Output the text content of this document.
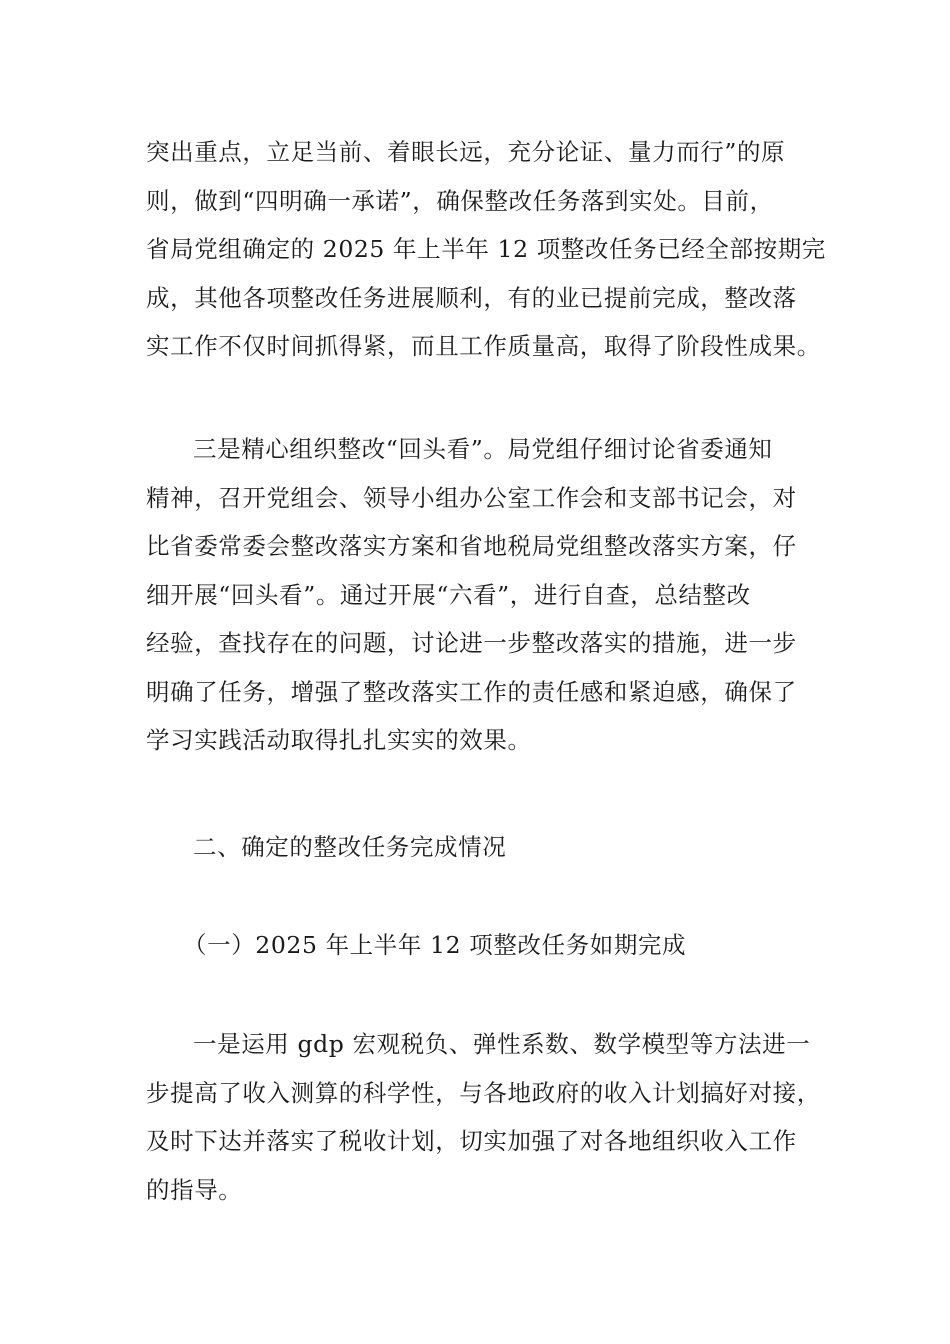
突出重点，立足当前、着眼长远，充分论证、量力而行”的原
则，做到“四明确一承诺”，确保整改任务落到实处。目前，
省局党组确定的 2025 年上半年 12 项整改任务已经全部按期完
成，其他各项整改任务进展顺利，有的业已提前完成，整改落
实工作不仅时间抓得紧，而且工作质量高，取得了阶段性成果。
三是精心组织整改“回头看”。局党组仔细讨论省委通知
精神，召开党组会、领导小组办公室工作会和支部书记会，对
比省委常委会整改落实方案和省地税局党组整改落实方案，仔
细开展“回头看”。通过开展“六看”，进行自查，总结整改
经验，查找存在的问题，讨论进一步整改落实的措施，进一步
明确了任务，增强了整改落实工作的责任感和紧迫感，确保了
学习实践活动取得扎扎实实的效果。
二、确定的整改任务完成情况
（一）2025 年上半年 12 项整改任务如期完成
一是运用 gdp 宏观税负、弹性系数、数学模型等方法进一
步提高了收入测算的科学性，与各地政府的收入计划搞好对接，
及时下达并落实了税收计划，切实加强了对各地组织收入工作
的指导。
